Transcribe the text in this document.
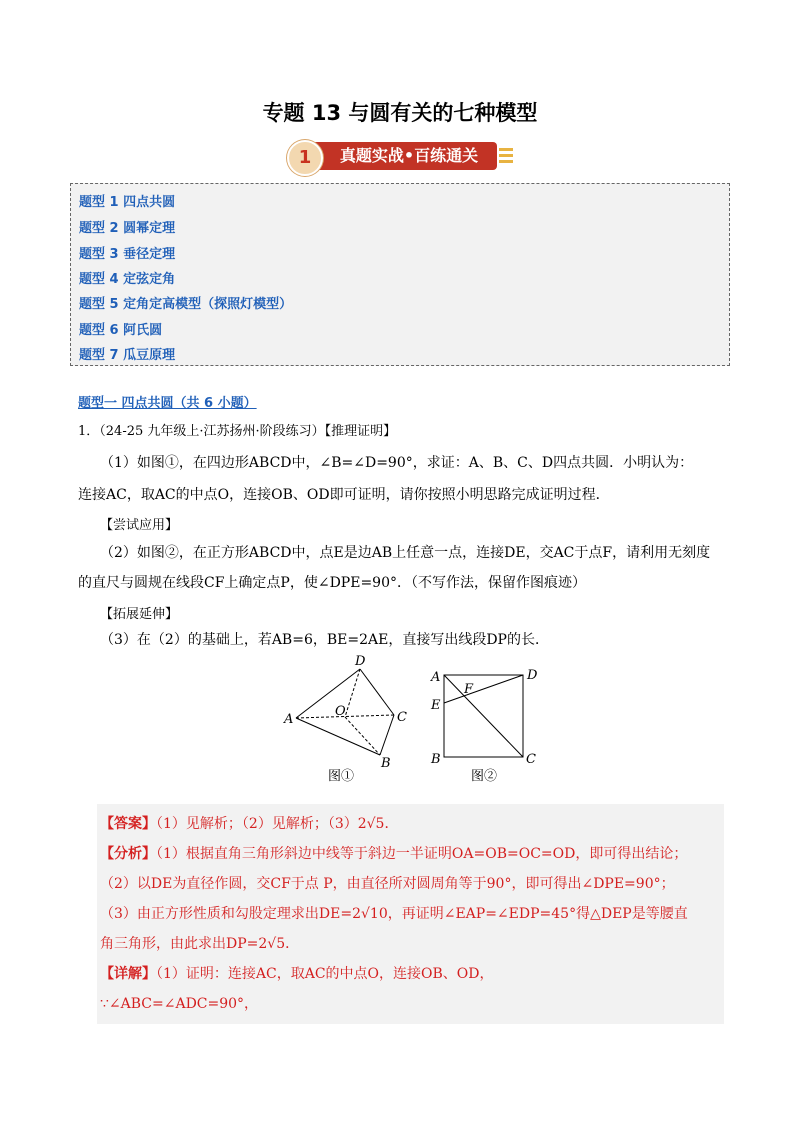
专题 13 与圆有关的七种模型
真题实战•百练通关
1
题型 1 四点共圆
题型 2 圆幂定理
题型 3 垂径定理
题型 4 定弦定角
题型 5 定角定高模型（探照灯模型）
题型 6 阿氏圆
题型 7 瓜豆原理
题型一 四点共圆（共 6 小题）
1．（24-25 九年级上·江苏扬州·阶段练习）【推理证明】
（1）如图①，在四边形ABCD中，∠B=∠D=90°，求证：A、B、C、D四点共圆．小明认为：
连接AC，取AC的中点O，连接OB、OD即可证明，请你按照小明思路完成证明过程．
【尝试应用】
（2）如图②，在正方形ABCD中，点E是边AB上任意一点，连接DE，交AC于点F，请利用无刻度
的直尺与圆规在线段CF上确定点P，使∠DPE=90°．（不写作法，保留作图痕迹）
【拓展延伸】
（3）在（2）的基础上，若AB=6，BE=2AE，直接写出线段DP的长．
A
B
C
D
O
图①
A
B	C
D
E
F
图②
【答案】（1）见解析；（2）见解析；（3）2√5．
【分析】（1）根据直角三角形斜边中线等于斜边一半证明OA=OB=OC=OD，即可得出结论；
（2）以DE为直径作圆，交CF于点 P，由直径所对圆周角等于90°，即可得出∠DPE=90°；
（3）由正方形性质和勾股定理求出DE=2√10，再证明∠EAP=∠EDP=45°得△DEP是等腰直
角三角形，由此求出DP=2√5．
【详解】（1）证明：连接AC，取AC的中点O，连接OB、OD，
∵∠ABC=∠ADC=90°，
